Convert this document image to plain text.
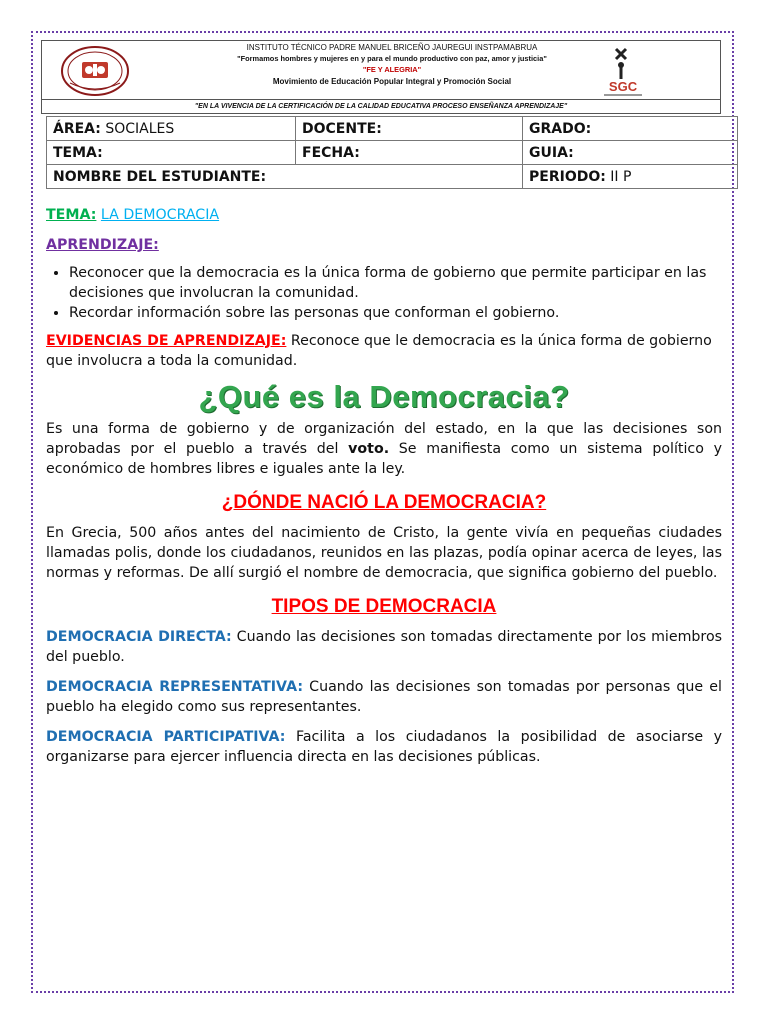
INSTITUTO TÉCNICO PADRE MANUEL BRICEÑO JAUREGUI INSTPAMABRUA
"Formamos hombres y mujeres en y para el mundo productivo con paz, amor y justicia"
"FE Y ALEGRIA"
Movimiento de Educación Popular Integral y Promoción Social	SGC
"EN LA VIVENCIA DE LA CERTIFICACIÓN DE LA CALIDAD EDUCATIVA PROCESO ENSEÑANZA APRENDIZAJE"
ÁREA: SOCIALES	DOCENTE:	GRADO:
TEMA:	FECHA:	GUIA:
NOMBRE DEL ESTUDIANTE:		PERIODO: II P
TEMA: LA DEMOCRACIA
APRENDIZAJE:
• Reconocer que la democracia es la única forma de gobierno que permite participar en las decisiones que involucran la comunidad.
• Recordar información sobre las personas que conforman el gobierno.
EVIDENCIAS DE APRENDIZAJE: Reconoce que le democracia es la única forma de gobierno que involucra a toda la comunidad.
¿Qué es la Democracia?
Es una forma de gobierno y de organización del estado, en la que las decisiones son aprobadas por el pueblo a través del voto. Se manifiesta como un sistema político y económico de hombres libres e iguales ante la ley.
¿DÓNDE NACIÓ LA DEMOCRACIA?
En Grecia, 500 años antes del nacimiento de Cristo, la gente vivía en pequeñas ciudades llamadas polis, donde los ciudadanos, reunidos en las plazas, podía opinar acerca de leyes, las normas y reformas. De allí surgió el nombre de democracia, que significa gobierno del pueblo.
TIPOS DE DEMOCRACIA
DEMOCRACIA DIRECTA: Cuando las decisiones son tomadas directamente por los miembros del pueblo.
DEMOCRACIA REPRESENTATIVA: Cuando las decisiones son tomadas por personas que el pueblo ha elegido como sus representantes.
DEMOCRACIA PARTICIPATIVA: Facilita a los ciudadanos la posibilidad de asociarse y organizarse para ejercer influencia directa en las decisiones públicas.
